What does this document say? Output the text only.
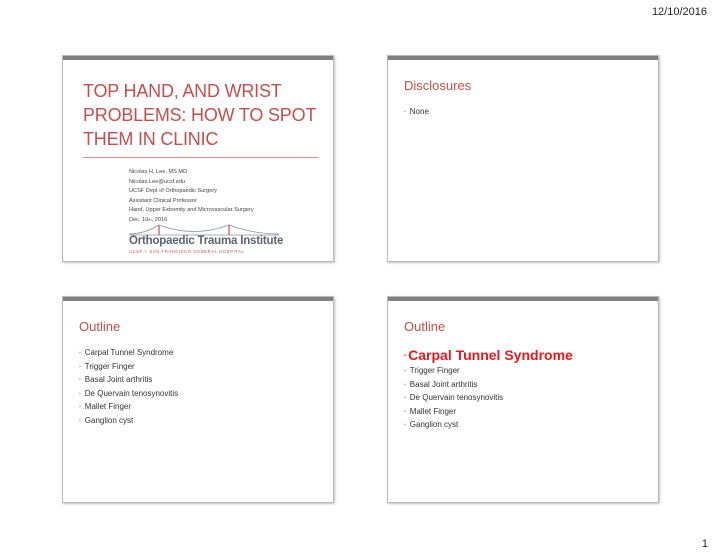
12/10/2016
TOP HAND, AND WRIST PROBLEMS: HOW TO SPOT THEM IN CLINIC
Nicolas H. Lee, MS MD
Nicolas.Lee@ucsf.edu
UCSF Dept of Orthopaedic Surgery
Assistant Clinical Professor
Hand, Upper Extremity and Microvascular Surgery
Dec. 10th, 2016
Orthopaedic Trauma Institute
UCSF × SAN FRANCISCO GENERAL HOSPITAL
Disclosures
▪ None
Outline
▪ Carpal Tunnel Syndrome
▪ Trigger Finger
▪ Basal Joint arthritis
▪ De Quervain tenosynovitis
▪ Mallet Finger
▪ Ganglion cyst
Outline
▪ Carpal Tunnel Syndrome
▪ Trigger Finger
▪ Basal Joint arthritis
▪ De Quervain tenosynovitis
▪ Mallet Finger
▪ Ganglion cyst
1
